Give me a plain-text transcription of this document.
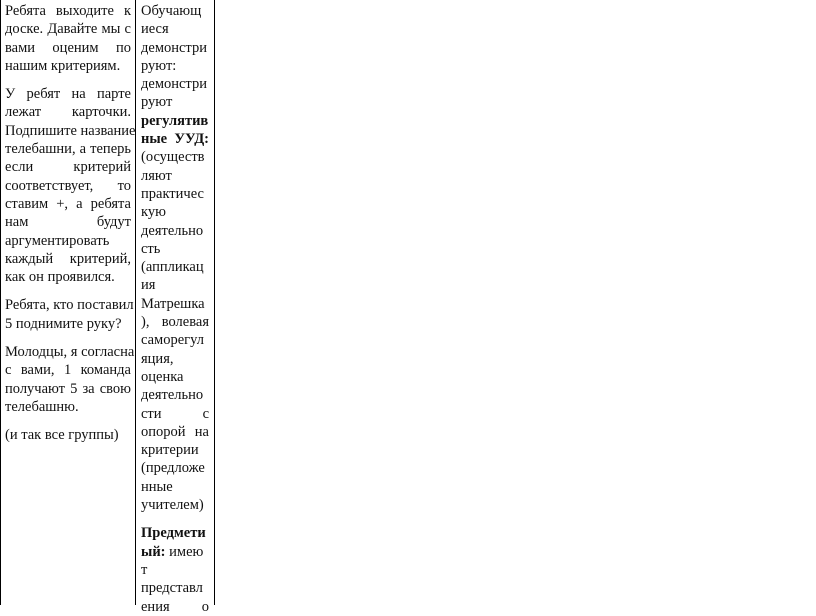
Ребята выходите к
доске. Давайте мы с
вами оценим по
нашим критериям.

У ребят на парте
лежат карточки.
Подпишите название
телебашни, а теперь
если критерий
соответствует, то
ставим +, а ребята
нам будут
аргументировать
каждый критерий,
как он проявился.

Ребята, кто поставил
5 поднимите руку?

Молодцы, я согласна
с вами, 1 команда
получают 5 за свою
телебашню.

(и так все группы)

Обучающ
иеся
демонстри
руют:
демонстри
руют
регулятив
ные УУД:
(осуществ
ляют
практичес
кую
деятельно
сть
(аппликац
ия
Матрешка
), волевая
саморегул
яция,
оценка
деятельно
сти с
опорой на
критерии
(предложе
нные
учителем)

Предмети
ый: имею
т
представл
ения о
